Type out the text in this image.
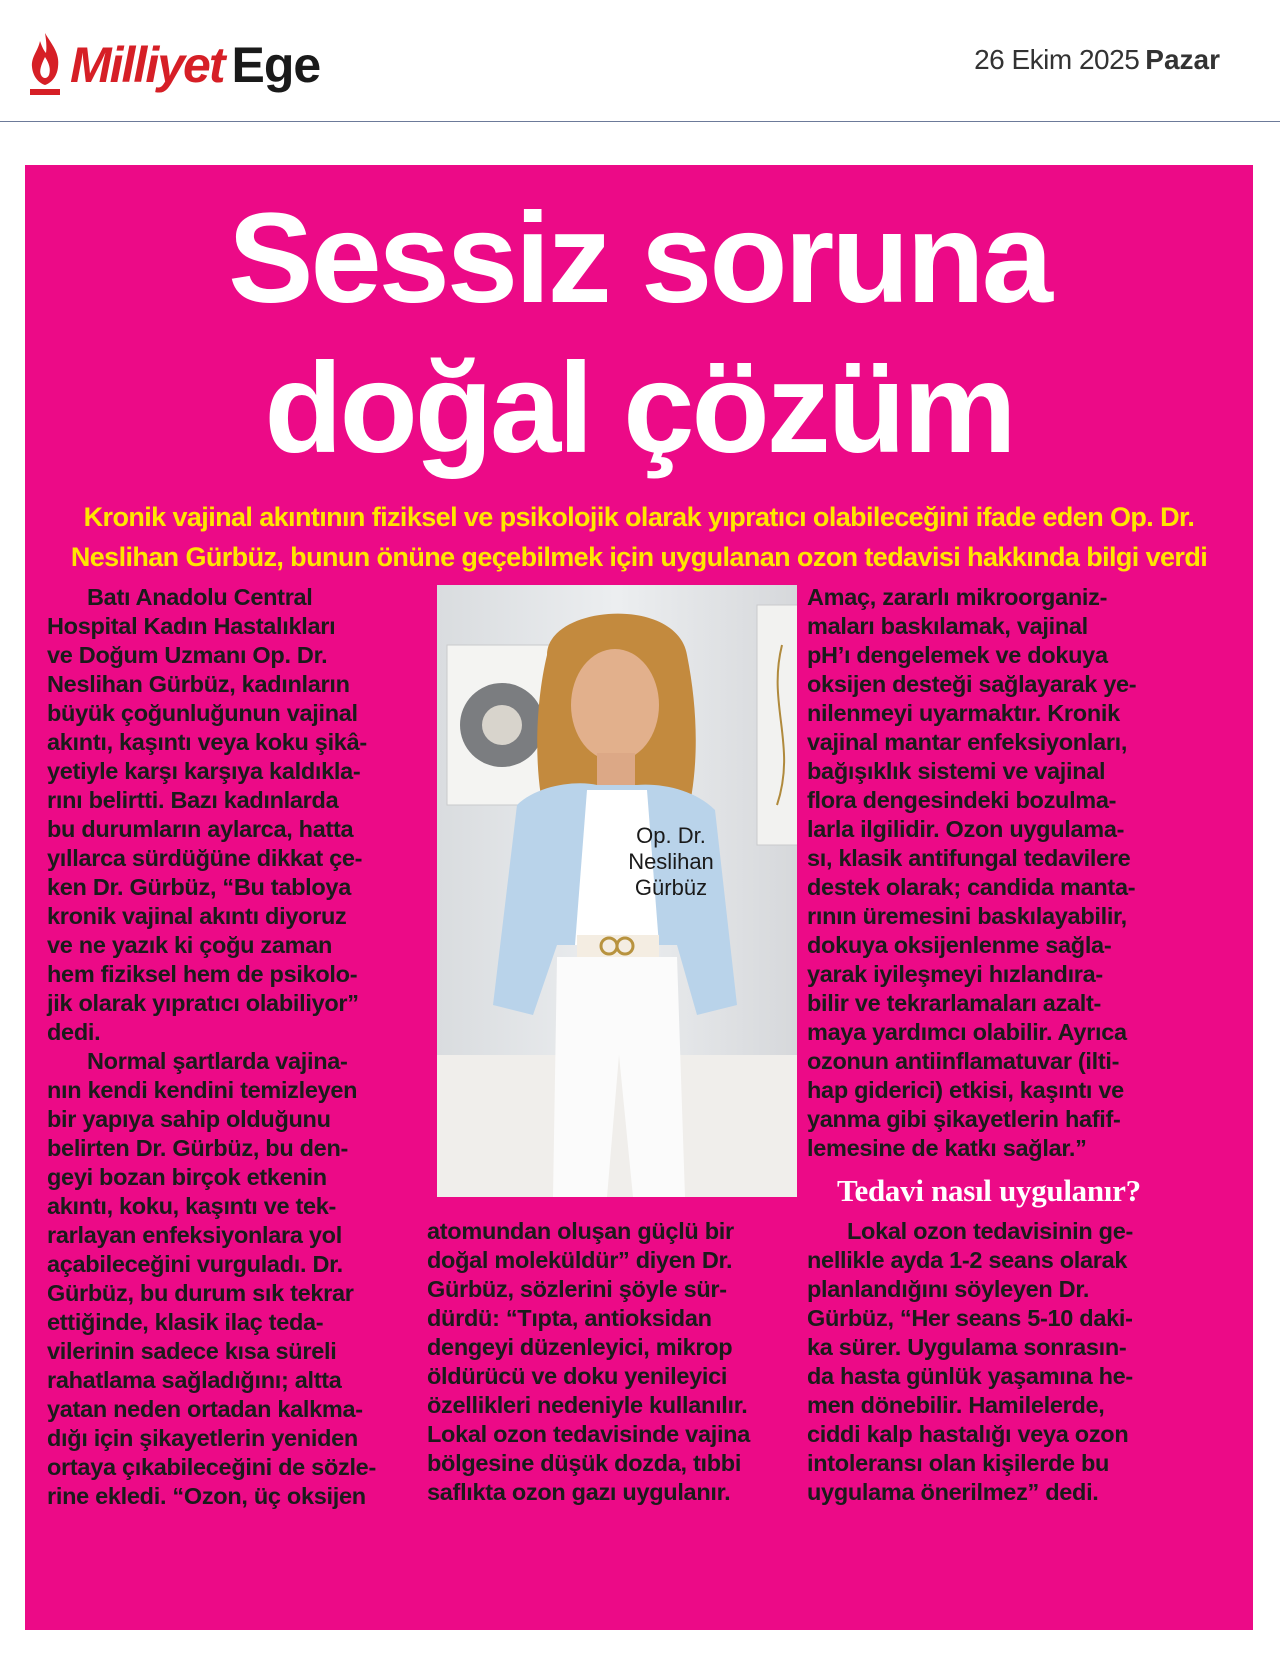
Milliyet Ege	26 Ekim 2025 Pazar
Sessiz soruna
doğal çözüm
Kronik vajinal akıntının fiziksel ve psikolojik olarak yıpratıcı olabileceğini ifade eden Op. Dr.
Neslihan Gürbüz, bunun önüne geçebilmek için uygulanan ozon tedavisi hakkında bilgi verdi
Batı Anadolu Central
Hospital Kadın Hastalıkları
ve Doğum Uzmanı Op. Dr.
Neslihan Gürbüz, kadınların
büyük çoğunluğunun vajinal
akıntı, kaşıntı veya koku şikâ-
yetiyle karşı karşıya kaldıkla-
rını belirtti. Bazı kadınlarda
bu durumların aylarca, hatta
yıllarca sürdüğüne dikkat çe-
ken Dr. Gürbüz, “Bu tabloya
kronik vajinal akıntı diyoruz
ve ne yazık ki çoğu zaman
hem fiziksel hem de psikolo-
jik olarak yıpratıcı olabiliyor”
dedi.
Normal şartlarda vajina-
nın kendi kendini temizleyen
bir yapıya sahip olduğunu
belirten Dr. Gürbüz, bu den-
geyi bozan birçok etkenin
akıntı, koku, kaşıntı ve tek-
rarlayan enfeksiyonlara yol
açabileceğini vurguladı. Dr.
Gürbüz, bu durum sık tekrar
ettiğinde, klasik ilaç teda-
vilerinin sadece kısa süreli
rahatlama sağladığını; altta
yatan neden ortadan kalkma-
dığı için şikayetlerin yeniden
ortaya çıkabileceğini de sözle-
rine ekledi. “Ozon, üç oksijen
Op. Dr.
Neslihan
Gürbüz
atomundan oluşan güçlü bir
doğal moleküldür” diyen Dr.
Gürbüz, sözlerini şöyle sür-
dürdü: “Tıpta, antioksidan
dengeyi düzenleyici, mikrop
öldürücü ve doku yenileyici
özellikleri nedeniyle kullanılır.
Lokal ozon tedavisinde vajina
bölgesine düşük dozda, tıbbi
saflıkta ozon gazı uygulanır.
Amaç, zararlı mikroorganiz-
maları baskılamak, vajinal
pH’ı dengelemek ve dokuya
oksijen desteği sağlayarak ye-
nilenmeyi uyarmaktır. Kronik
vajinal mantar enfeksiyonları,
bağışıklık sistemi ve vajinal
flora dengesindeki bozulma-
larla ilgilidir. Ozon uygulama-
sı, klasik antifungal tedavilere
destek olarak; candida manta-
rının üremesini baskılayabilir,
dokuya oksijenlenme sağla-
yarak iyileşmeyi hızlandıra-
bilir ve tekrarlamaları azalt-
maya yardımcı olabilir. Ayrıca
ozonun antiinflamatuvar (ilti-
hap giderici) etkisi, kaşıntı ve
yanma gibi şikayetlerin hafif-
lemesine de katkı sağlar.”
Tedavi nasıl uygulanır?
Lokal ozon tedavisinin ge-
nellikle ayda 1-2 seans olarak
planlandığını söyleyen Dr.
Gürbüz, “Her seans 5-10 daki-
ka sürer. Uygulama sonrasın-
da hasta günlük yaşamına he-
men dönebilir. Hamilelerde,
ciddi kalp hastalığı veya ozon
intoleransı olan kişilerde bu
uygulama önerilmez” dedi.
